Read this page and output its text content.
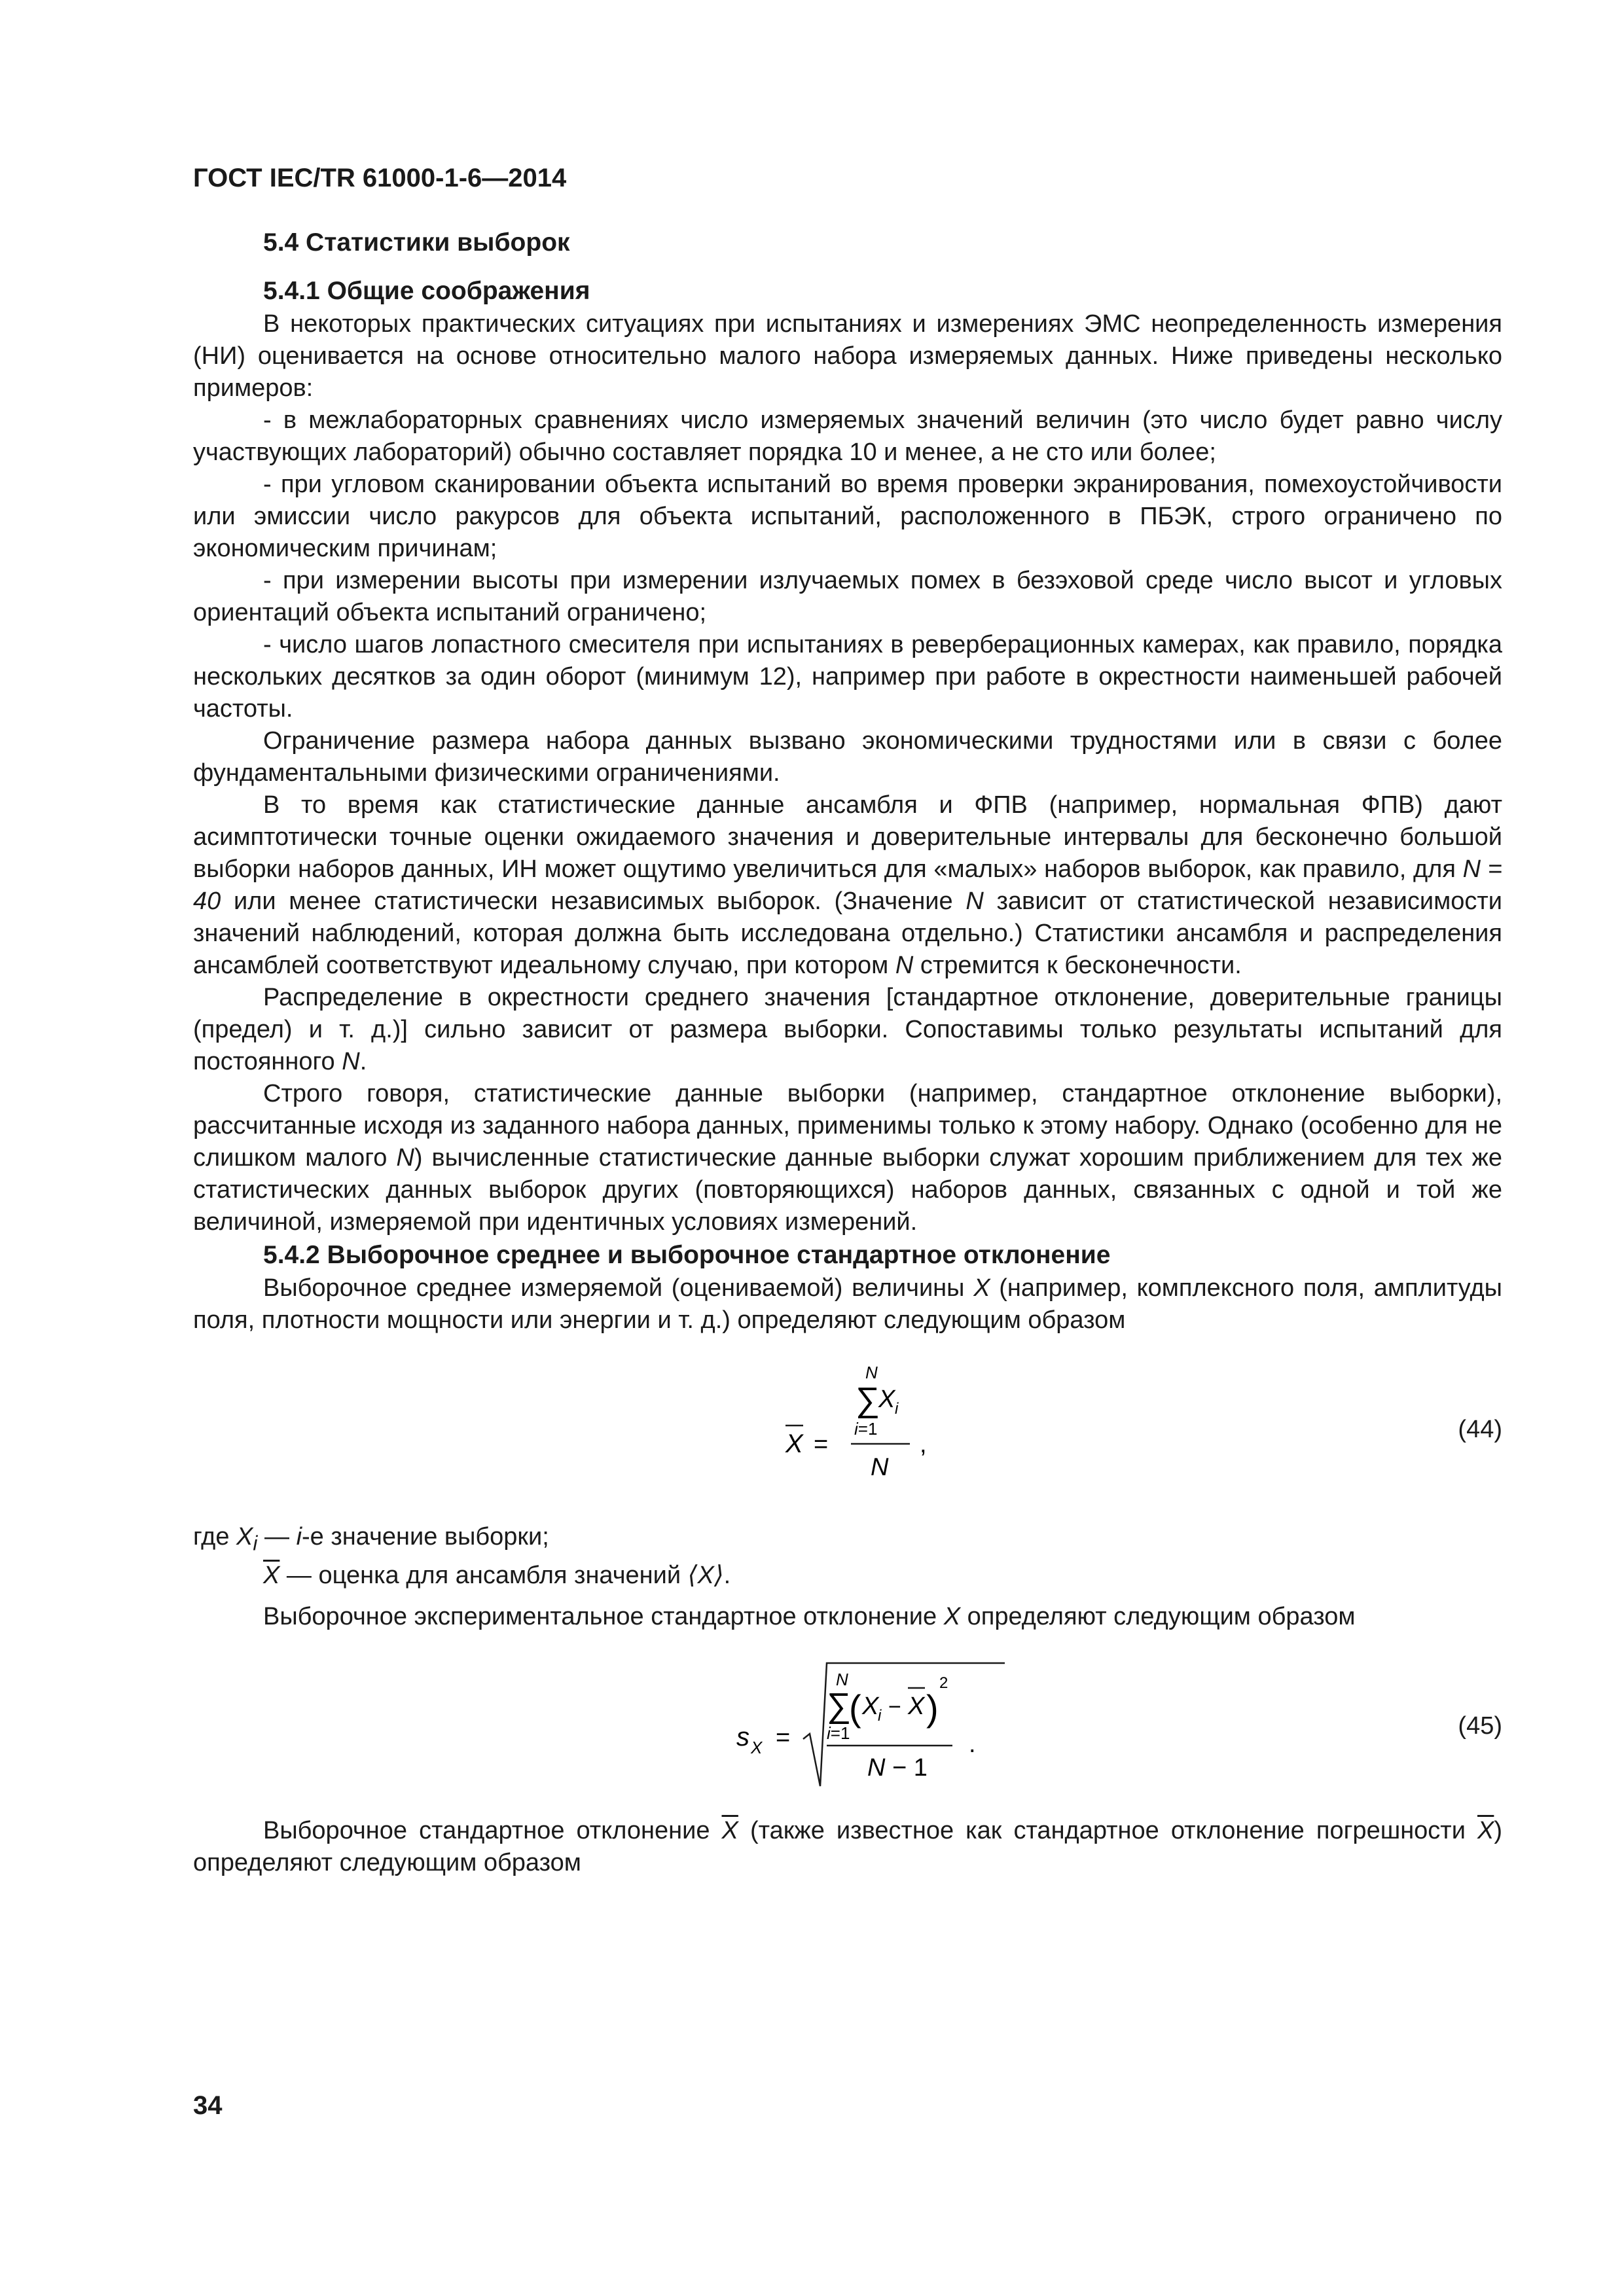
ГОСТ IEC/TR 61000-1-6—2014
5.4 Статистики выборок
5.4.1 Общие соображения

В некоторых практических ситуациях при испытаниях и измерениях ЭМС неопределенность измерения (НИ) оценивается на основе относительно малого набора измеряемых данных. Ниже приведены несколько примеров:

- в межлабораторных сравнениях число измеряемых значений величин (это число будет равно числу участвующих лабораторий) обычно составляет порядка 10 и менее, а не сто или более;

- при угловом сканировании объекта испытаний во время проверки экранирования, помехоустойчивости или эмиссии число ракурсов для объекта испытаний, расположенного в ПБЭК, строго ограничено по экономическим причинам;

- при измерении высоты при измерении излучаемых помех в безэховой среде число высот и угловых ориентаций объекта испытаний ограничено;

- число шагов лопастного смесителя при испытаниях в реверберационных камерах, как правило, порядка нескольких десятков за один оборот (минимум 12), например при работе в окрестности наименьшей рабочей частоты.

Ограничение размера набора данных вызвано экономическими трудностями или в связи с более фундаментальными физическими ограничениями.

В то время как статистические данные ансамбля и ФПВ (например, нормальная ФПВ) дают асимптотически точные оценки ожидаемого значения и доверительные интервалы для бесконечно большой выборки наборов данных, ИН может ощутимо увеличиться для «малых» наборов выборок, как правило, для N = 40 или менее статистически независимых выборок. (Значение N зависит от статистической независимости значений наблюдений, которая должна быть исследована отдельно.) Статистики ансамбля и распределения ансамблей соответствуют идеальному случаю, при котором N стремится к бесконечности.

Распределение в окрестности среднего значения [стандартное отклонение, доверительные границы (предел) и т. д.)] сильно зависит от размера выборки. Сопоставимы только результаты испытаний для постоянного N.

Строго говоря, статистические данные выборки (например, стандартное отклонение выборки), рассчитанные исходя из заданного набора данных, применимы только к этому набору. Однако (особенно для не слишком малого N) вычисленные статистические данные выборки служат хорошим приближением для тех же статистических данных выборок других (повторяющихся) наборов данных, связанных с одной и той же величиной, измеряемой при идентичных условиях измерений.

5.4.2 Выборочное среднее и выборочное стандартное отклонение

Выборочное среднее измеряемой (оцениваемой) величины X (например, комплексного поля, амплитуды поля, плотности мощности или энергии и т. д.) определяют следующим образом

N
∑
X i
i=1
N
X =	,
(44)
где $X_i$ — i-е значение выборки;
$\overline{X}$ — оценка для ансамбля значений ⟨X⟩.

Выборочное экспериментальное стандартное отклонение X определяют следующим образом

s X =
N
∑
( X
i − X )
2
i=1
N − 1
.
(45)

Выборочное стандартное отклонение $\overline{X}$ (также известное как стандартное отклонение погрешности $\overline{X}$) определяют следующим образом

34
